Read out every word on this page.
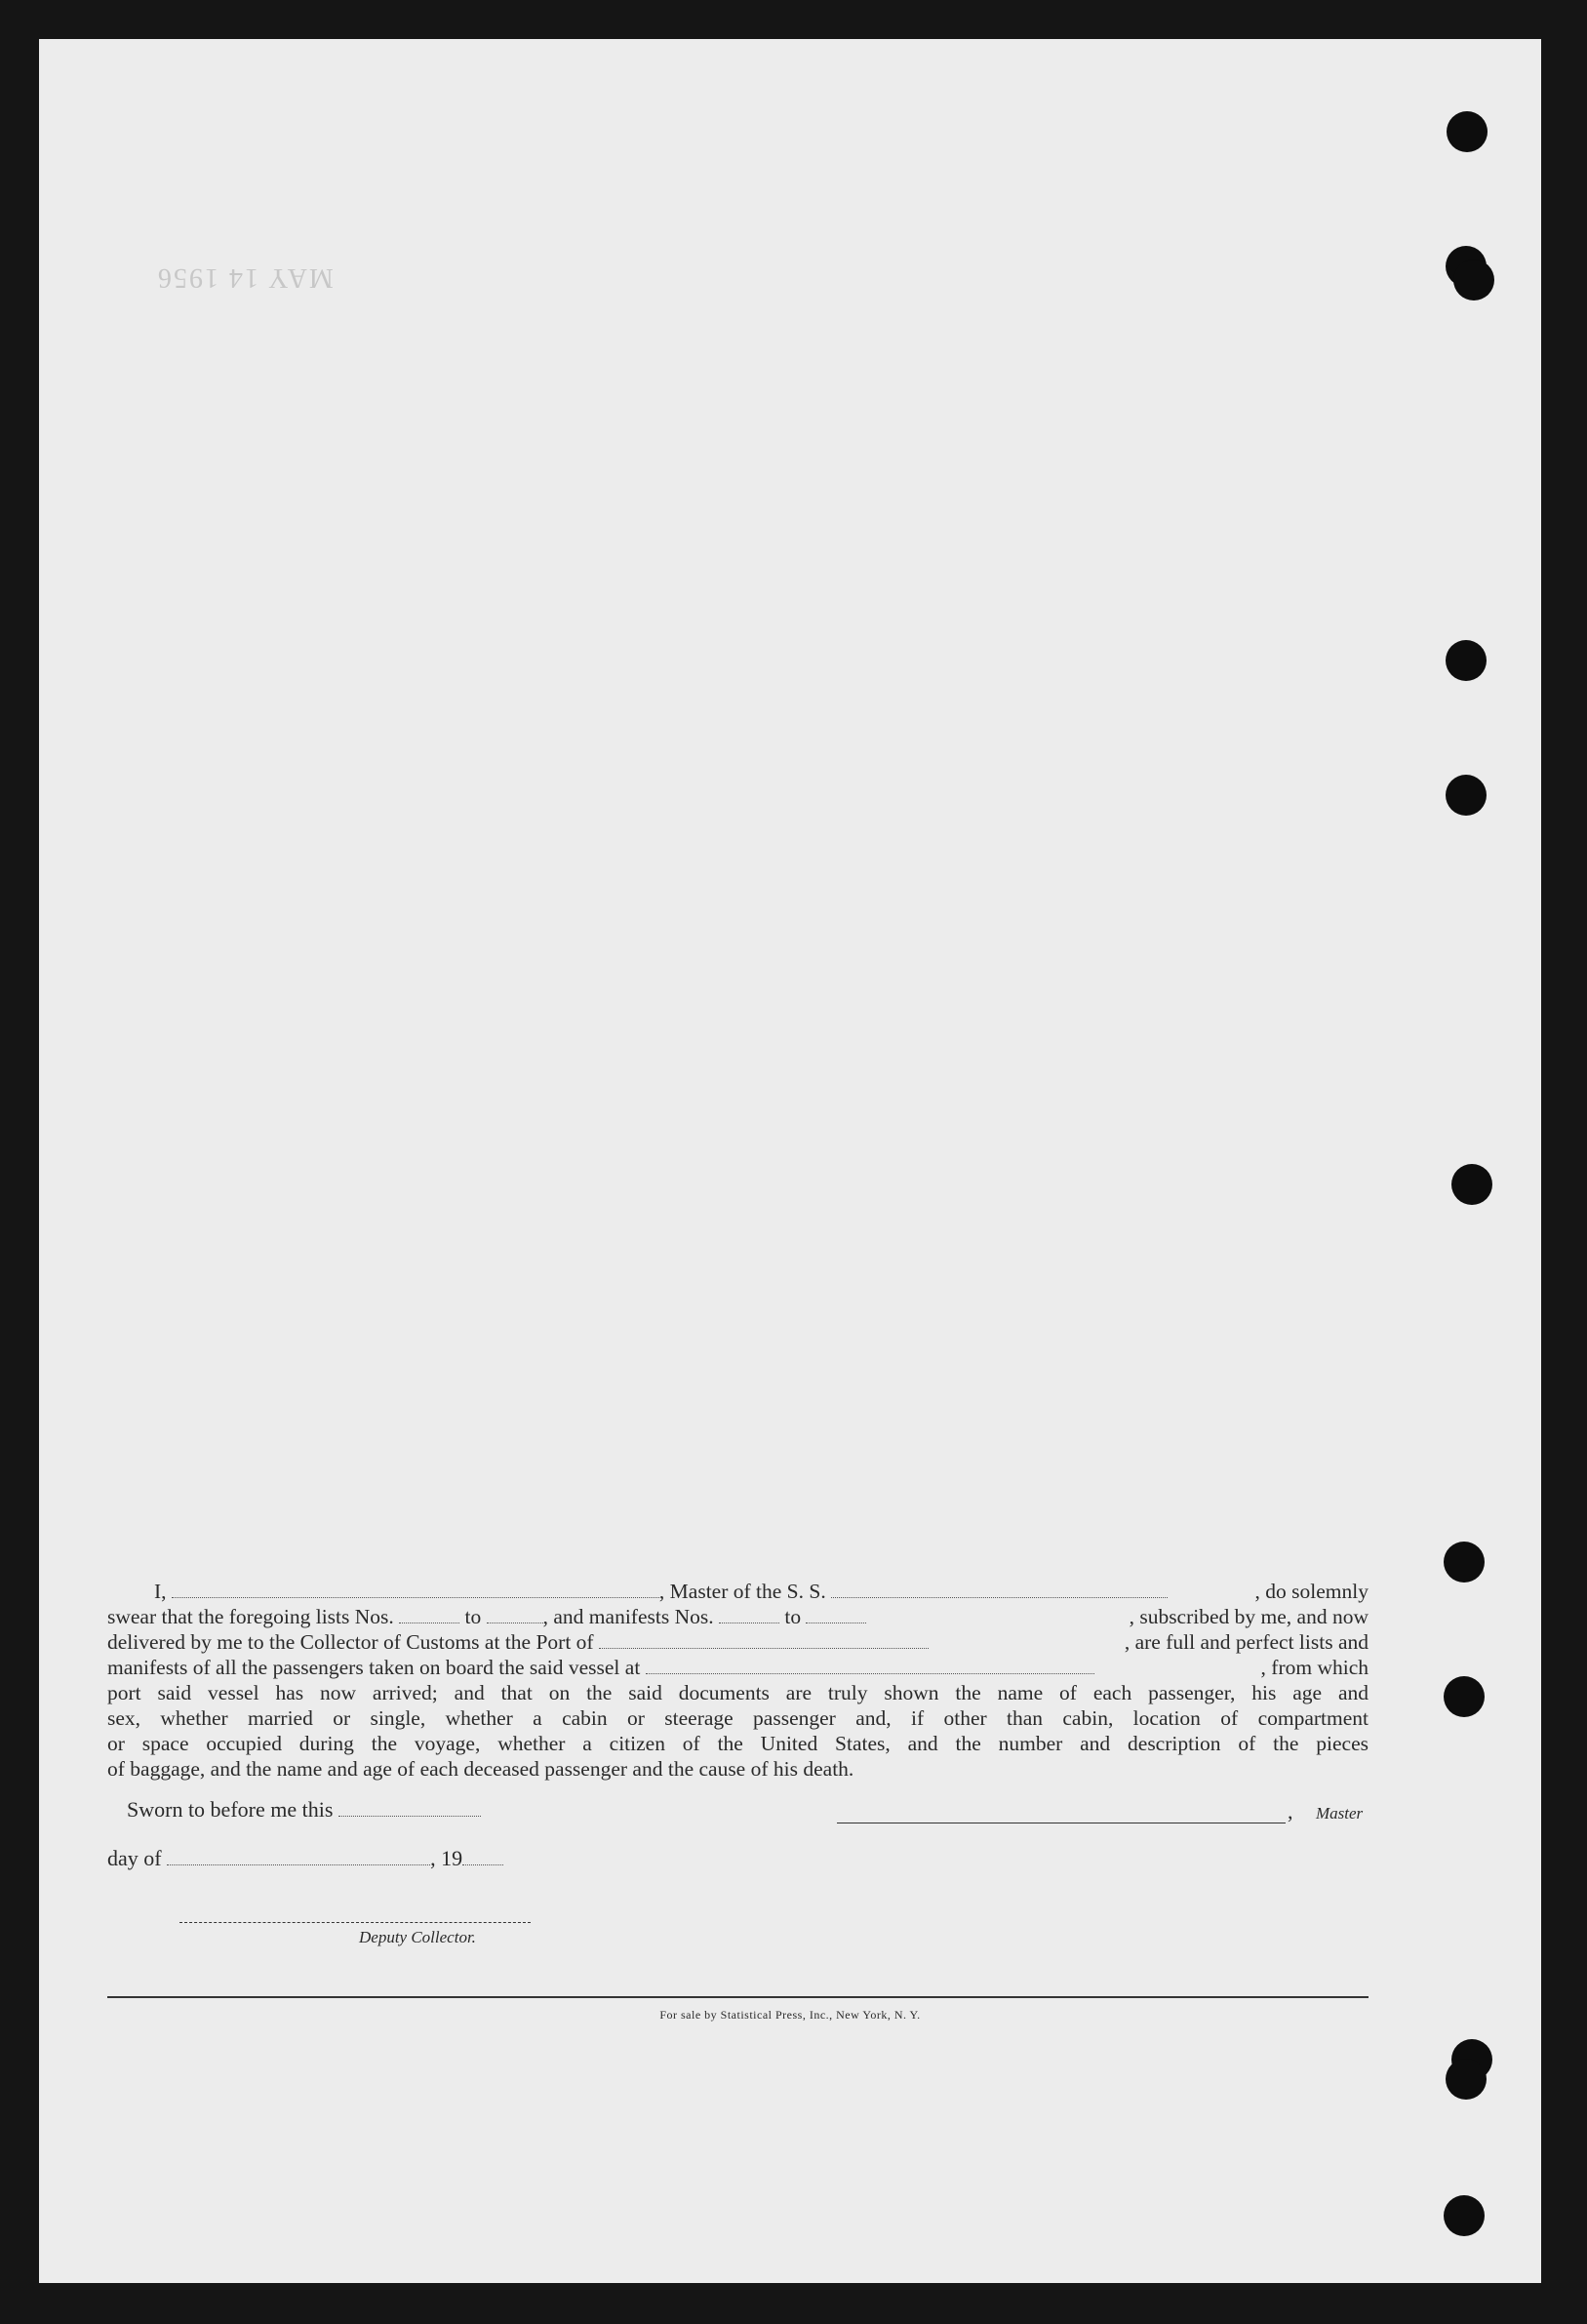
MAY 14 1956

I,	, Master of the S. S.	, do solemnly

swear that the foregoing lists Nos.	to	, and manifests Nos.	to	, subscribed by me, and now

delivered by me to the Collector of Customs at the Port of	, are full and perfect lists and

manifests of all the passengers taken on board the said vessel at	, from which

port said vessel has now arrived; and that on the said documents are truly shown the name of each passenger, his age and

sex, whether married or single, whether a cabin or steerage passenger and, if other than cabin, location of compartment

or space occupied during the voyage, whether a citizen of the United States, and the number and description of the pieces

of baggage, and the name and age of each deceased passenger and the cause of his death.

Sworn to before me this	, Master
day of	, 19
Deputy Collector.
For sale by Statistical Press, Inc., New York, N. Y.
